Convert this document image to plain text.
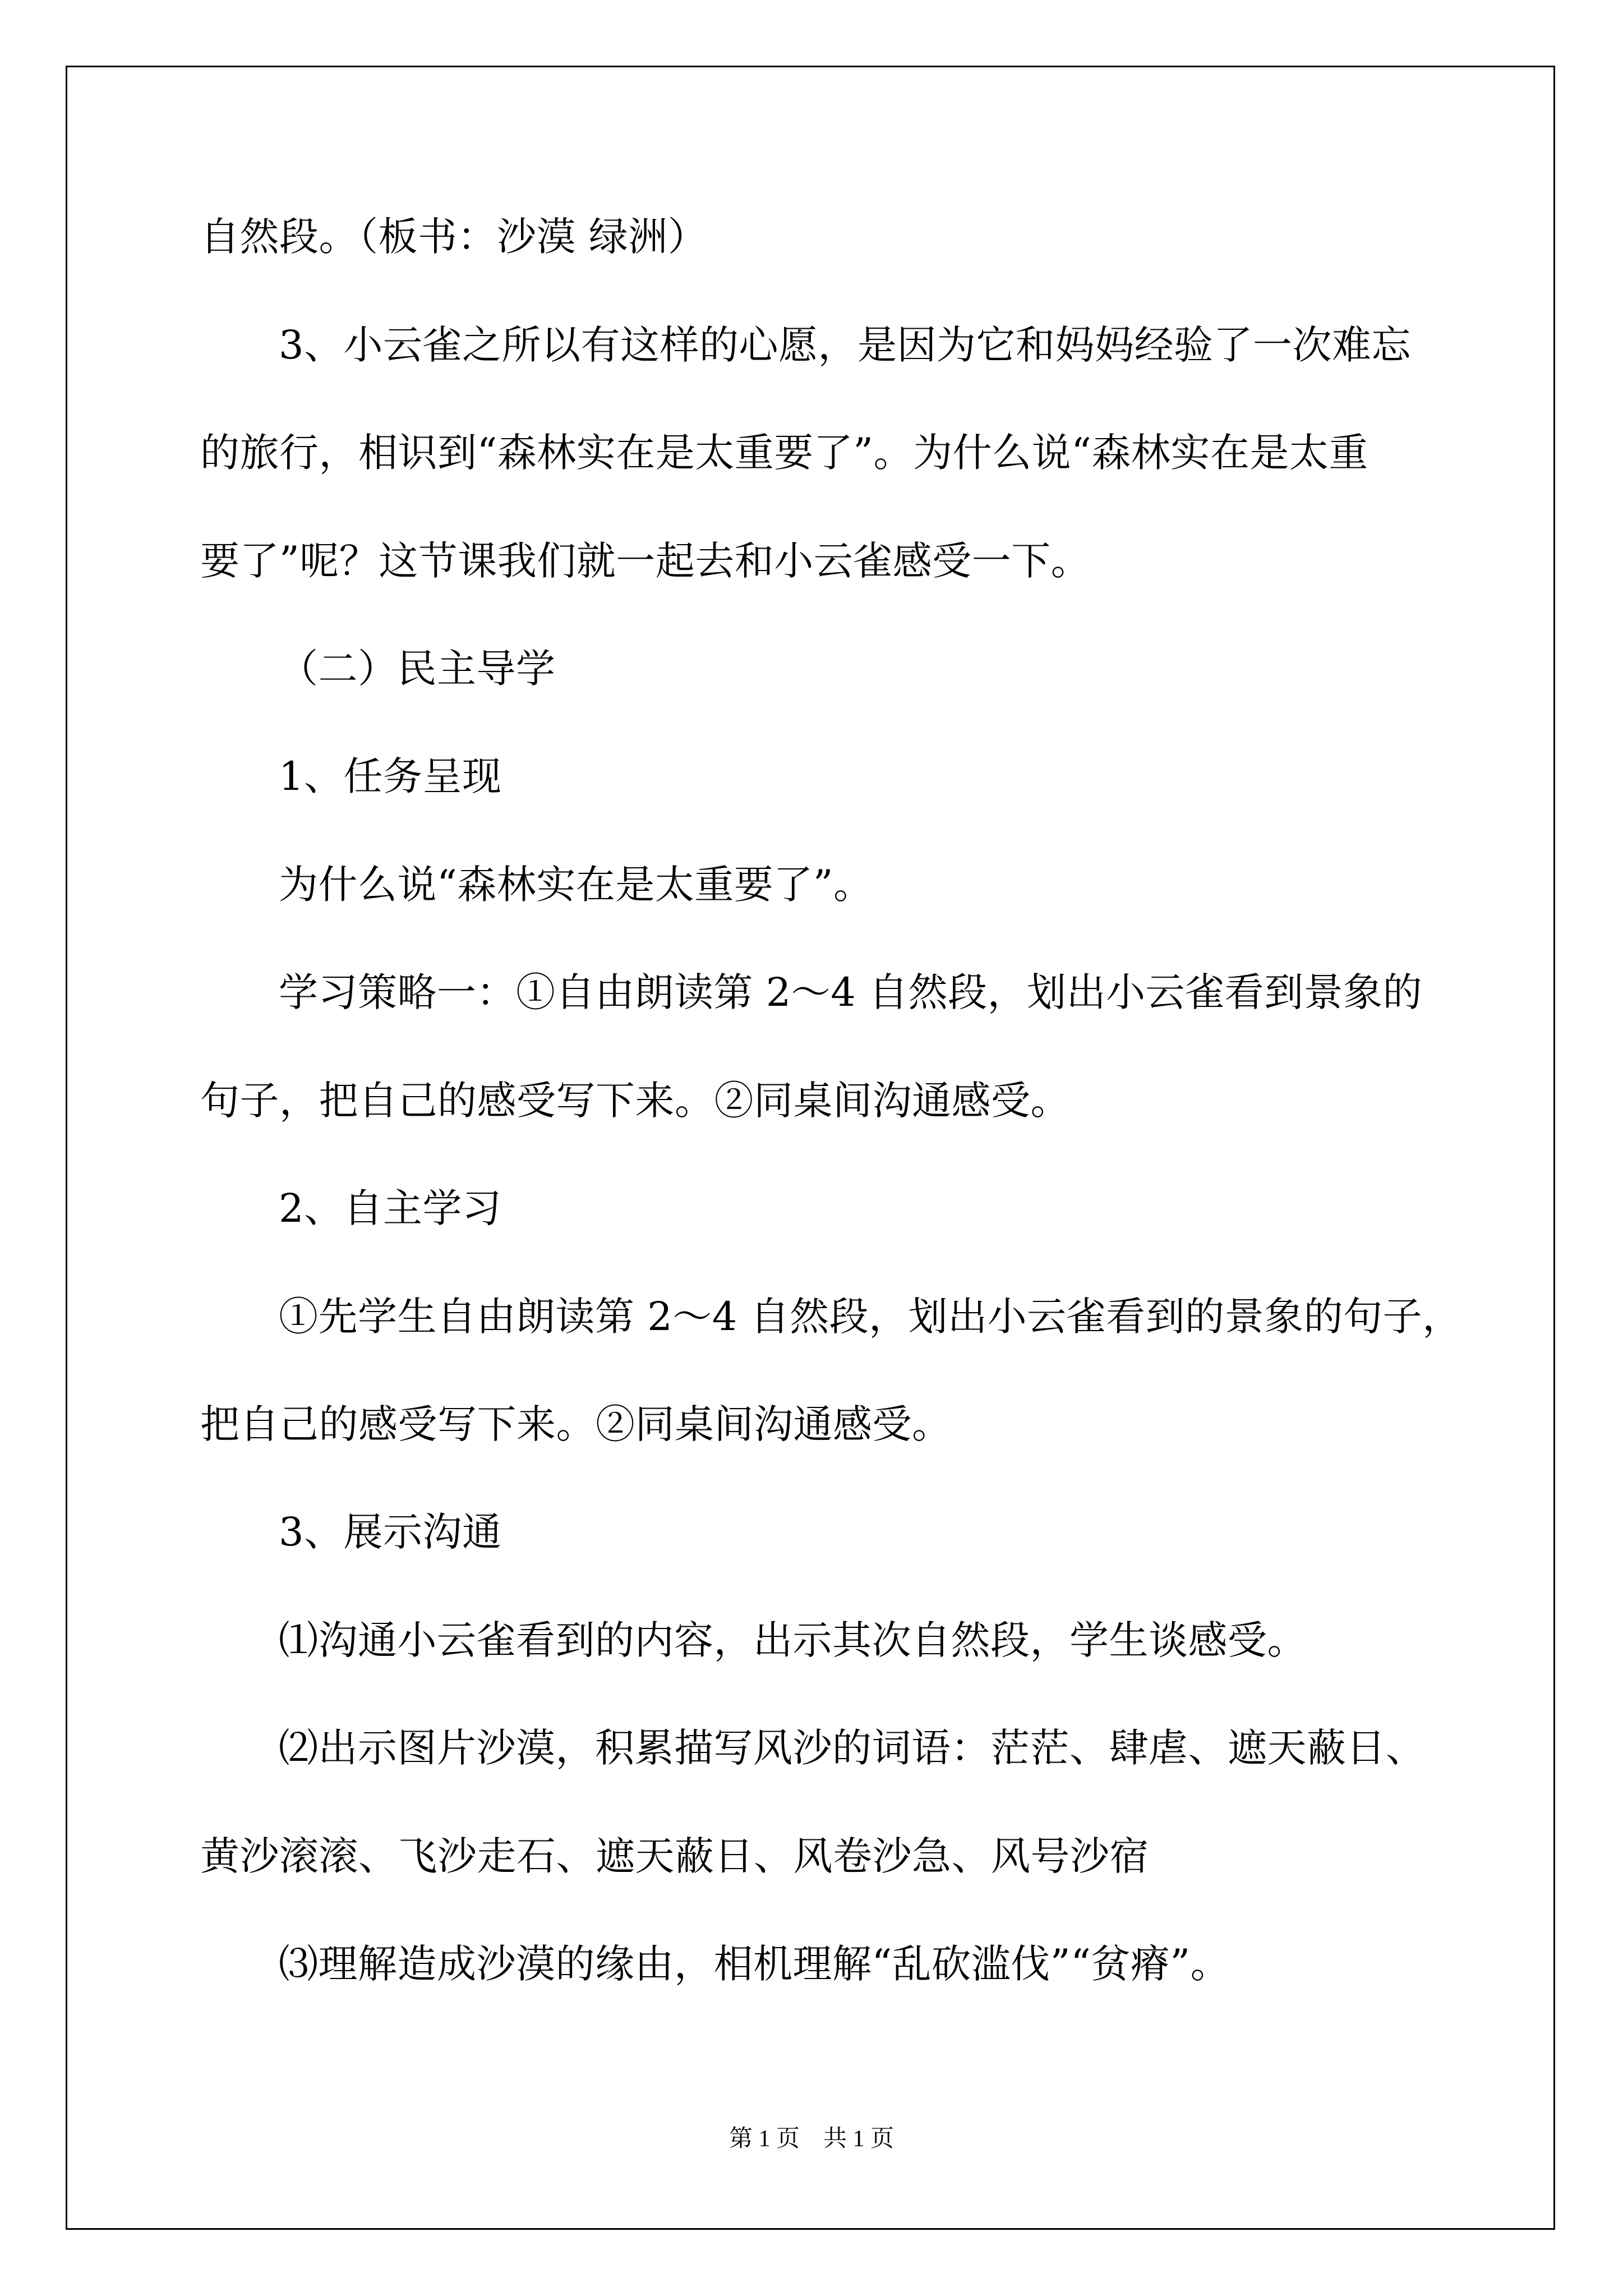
自然段。（板书：沙漠 绿洲）
3、小云雀之所以有这样的心愿，是因为它和妈妈经验了一次难忘
的旅行，相识到“森林实在是太重要了”。为什么说“森林实在是太重
要了”呢？这节课我们就一起去和小云雀感受一下。
（二）民主导学
1、任务呈现
为什么说“森林实在是太重要了”。
学习策略一：①自由朗读第 2～4 自然段，划出小云雀看到景象的
句子，把自己的感受写下来。②同桌间沟通感受。
2、自主学习
①先学生自由朗读第 2～4 自然段，划出小云雀看到的景象的句子，
把自己的感受写下来。②同桌间沟通感受。
3、展示沟通
⑴沟通小云雀看到的内容，出示其次自然段，学生谈感受。
⑵出示图片沙漠，积累描写风沙的词语：茫茫、肆虐、遮天蔽日、
黄沙滚滚、飞沙走石、遮天蔽日、风卷沙急、风号沙宿
⑶理解造成沙漠的缘由，相机理解“乱砍滥伐”“贫瘠”。
第 1 页　共 1 页
